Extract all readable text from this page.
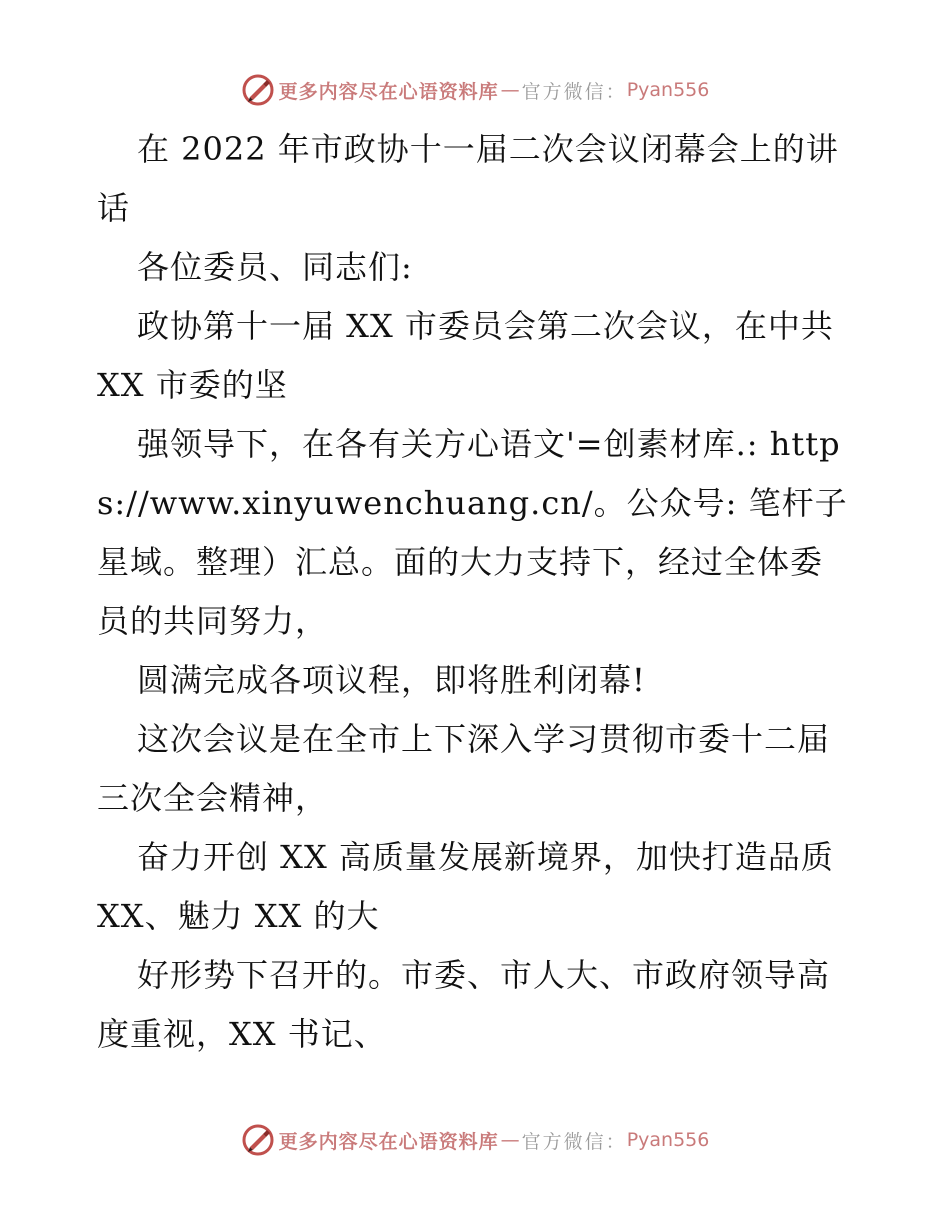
更多内容尽在心语资料库 — 官方微信： Pyan556

在 2022 年市政协十一届二次会议闭幕会上的讲话

各位委员、同志们:

政协第十一届 XX 市委员会第二次会议，在中共 XX 市委的坚

强领导下，在各有关方心语文'=创素材库.: https://www.xinyuwenchuang.cn/。公众号: 笔杆子星域。整理）汇总。面的大力支持下，经过全体委员的共同努力，

圆满完成各项议程，即将胜利闭幕!

这次会议是在全市上下深入学习贯彻市委十二届三次全会精神，

奋力开创 XX 高质量发展新境界，加快打造品质 XX、魅力 XX 的大

好形势下召开的。市委、市人大、市政府领导高度重视，XX 书记、

更多内容尽在心语资料库 — 官方微信： Pyan556
